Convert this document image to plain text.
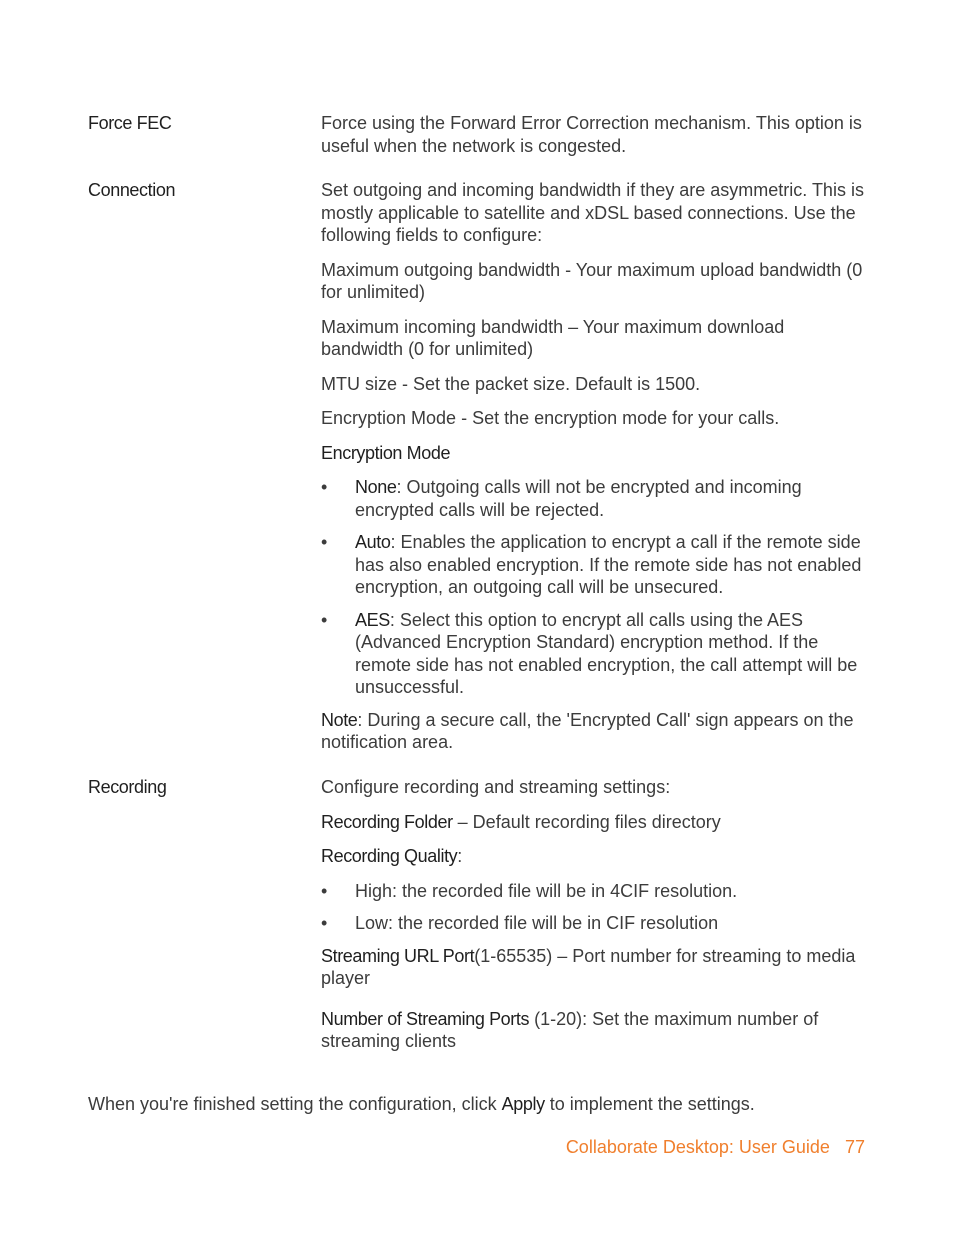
Force FEC	Force using the Forward Error Correction mechanism. This option is useful when the network is congested.
Connection	Set outgoing and incoming bandwidth if they are asymmetric. This is mostly applicable to satellite and xDSL based connections. Use the following fields to configure:

Maximum outgoing bandwidth - Your maximum upload bandwidth (0 for unlimited)

Maximum incoming bandwidth – Your maximum download bandwidth (0 for unlimited)

MTU size - Set the packet size. Default is 1500.

Encryption Mode - Set the encryption mode for your calls.

Encryption Mode

•	None: Outgoing calls will not be encrypted and incoming encrypted calls will be rejected.
•	Auto: Enables the application to encrypt a call if the remote side has also enabled encryption. If the remote side has not enabled encryption, an outgoing call will be unsecured.
•	AES: Select this option to encrypt all calls using the AES (Advanced Encryption Standard) encryption method. If the remote side has not enabled encryption, the call attempt will be unsuccessful.

Note: During a secure call, the 'Encrypted Call' sign appears on the notification area.

Recording	Configure recording and streaming settings:

Recording Folder – Default recording files directory

Recording Quality:

•	High: the recorded file will be in 4CIF resolution.
•	Low: the recorded file will be in CIF resolution

Streaming URL Port(1-65535) – Port number for streaming to media player

Number of Streaming Ports (1-20): Set the maximum number of streaming clients

When you're finished setting the configuration, click Apply to implement the settings.
Collaborate Desktop: User Guide 77
